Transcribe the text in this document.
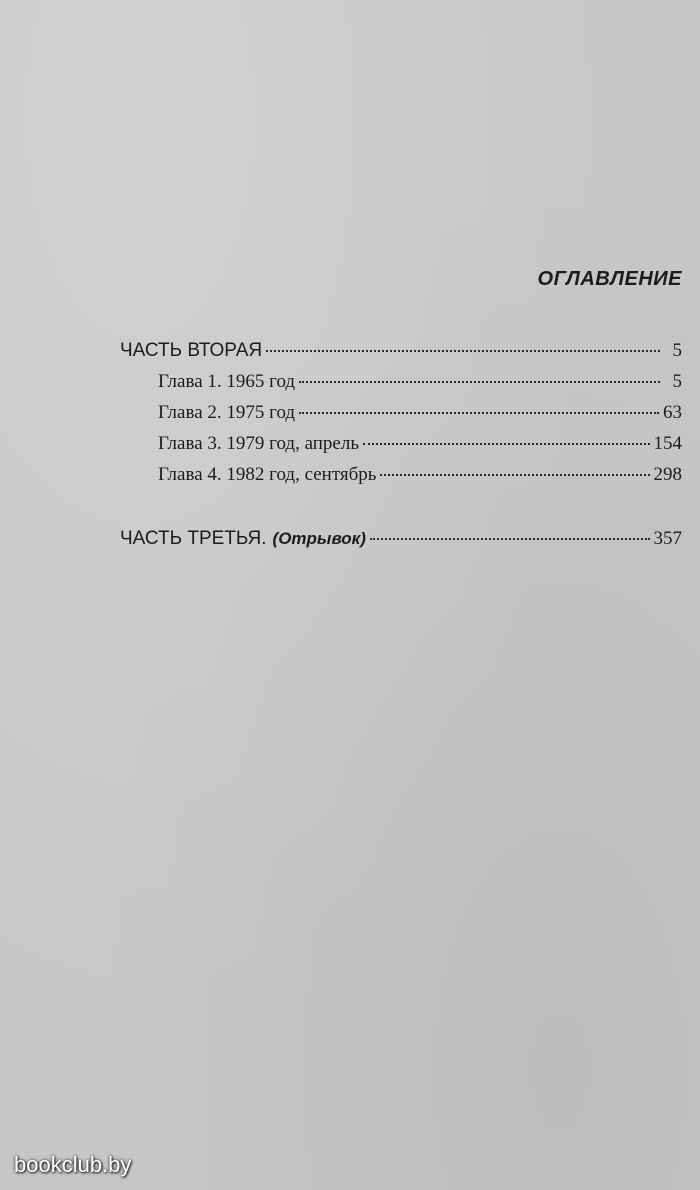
ОГЛАВЛЕНИЕ
ЧАСТЬ ВТОРАЯ	5
Глава 1. 1965 год	5
Глава 2. 1975 год	63
Глава 3. 1979 год, апрель	154
Глава 4. 1982 год, сентябрь	298
ЧАСТЬ ТРЕТЬЯ. (Отрывок)	357
bookclub.by
